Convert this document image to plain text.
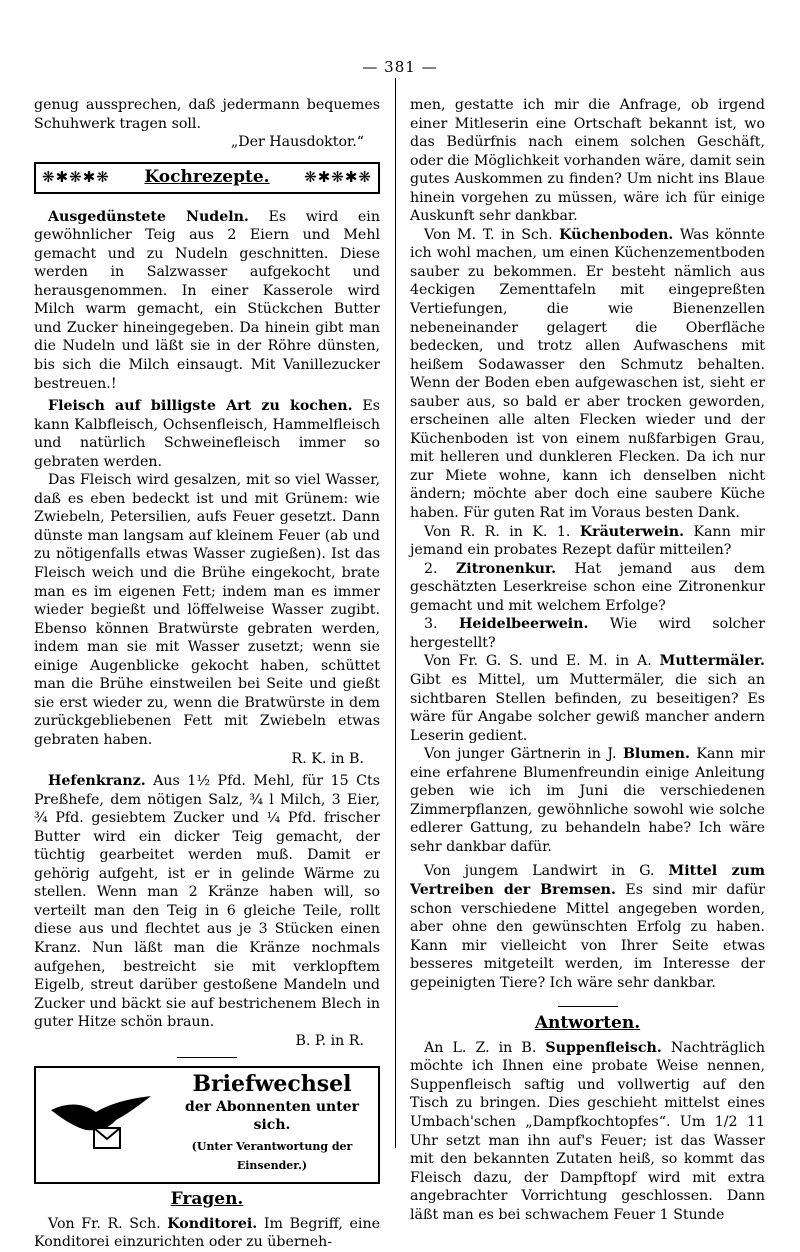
— 381 —

genug aussprechen, daß jedermann bequemes Schuhwerk tragen soll.

„Der Hausdoktor.“
❋✱❋✱❋ Kochrezepte. ❋✱❋✱❋

Ausgedünstete Nudeln. Es wird ein gewöhnlicher Teig aus 2 Eiern und Mehl gemacht und zu Nudeln geschnitten. Diese werden in Salzwasser aufgekocht und herausgenommen. In einer Kasserole wird Milch warm gemacht, ein Stückchen Butter und Zucker hineingegeben. Da hinein gibt man die Nudeln und läßt sie in der Röhre dünsten, bis sich die Milch einsaugt. Mit Vanillezucker bestreuen.!

Fleisch auf billigste Art zu kochen. Es kann Kalbfleisch, Ochsenfleisch, Hammelfleisch und natürlich Schweinefleisch immer so gebraten werden.

Das Fleisch wird gesalzen, mit so viel Wasser, daß es eben bedeckt ist und mit Grünem: wie Zwiebeln, Petersilien, aufs Feuer gesetzt. Dann dünste man langsam auf kleinem Feuer (ab und zu nötigenfalls etwas Wasser zugießen). Ist das Fleisch weich und die Brühe eingekocht, brate man es im eigenen Fett; indem man es immer wieder begießt und löffelweise Wasser zugibt. Ebenso können Bratwürste gebraten werden, indem man sie mit Wasser zusetzt; wenn sie einige Augenblicke gekocht haben, schüttet man die Brühe einstweilen bei Seite und gießt sie erst wieder zu, wenn die Bratwürste in dem zurückgebliebenen Fett mit Zwiebeln etwas gebraten haben.

R. K. in B.

Hefenkranz. Aus 1½ Pfd. Mehl, für 15 Cts Preßhefe, dem nötigen Salz, ¾ l Milch, 3 Eier, ¾ Pfd. gesiebtem Zucker und ¼ Pfd. frischer Butter wird ein dicker Teig gemacht, der tüchtig gearbeitet werden muß. Damit er gehörig aufgeht, ist er in gelinde Wärme zu stellen. Wenn man 2 Kränze haben will, so verteilt man den Teig in 6 gleiche Teile, rollt diese aus und flechtet aus je 3 Stücken einen Kranz. Nun läßt man die Kränze nochmals aufgehen, bestreicht sie mit verklopftem Eigelb, streut darüber gestoßene Mandeln und Zucker und bäckt sie auf bestrichenem Blech in guter Hitze schön braun.

B. P. in R.
Briefwechsel
der Abonnenten unter sich.
(Unter Verantwortung der Einsender.)
Fragen.

Von Fr. R. Sch. Konditorei. Im Begriff, eine Konditorei einzurichten oder zu überneh-

men, gestatte ich mir die Anfrage, ob irgend einer Mitleserin eine Ortschaft bekannt ist, wo das Bedürfnis nach einem solchen Geschäft, oder die Möglichkeit vorhanden wäre, damit sein gutes Auskommen zu finden? Um nicht ins Blaue hinein vorgehen zu müssen, wäre ich für einige Auskunft sehr dankbar.

Von M. T. in Sch. Küchenboden. Was könnte ich wohl machen, um einen Küchenzementboden sauber zu bekommen. Er besteht nämlich aus 4eckigen Zementtafeln mit eingepreßten Vertiefungen, die wie Bienenzellen nebeneinander gelagert die Oberfläche bedecken, und trotz allen Aufwaschens mit heißem Sodawasser den Schmutz behalten. Wenn der Boden eben aufgewaschen ist, sieht er sauber aus, so bald er aber trocken geworden, erscheinen alle alten Flecken wieder und der Küchenboden ist von einem nußfarbigen Grau, mit helleren und dunkleren Flecken. Da ich nur zur Miete wohne, kann ich denselben nicht ändern; möchte aber doch eine saubere Küche haben. Für guten Rat im Voraus besten Dank.

Von R. R. in K. 1. Kräuterwein. Kann mir jemand ein probates Rezept dafür mitteilen?

2. Zitronenkur. Hat jemand aus dem geschätzten Leserkreise schon eine Zitronenkur gemacht und mit welchem Erfolge?

3. Heidelbeerwein. Wie wird solcher hergestellt?

Von Fr. G. S. und E. M. in A. Muttermäler. Gibt es Mittel, um Muttermäler, die sich an sichtbaren Stellen befinden, zu beseitigen? Es wäre für Angabe solcher gewiß mancher andern Leserin gedient.

Von junger Gärtnerin in J. Blumen. Kann mir eine erfahrene Blumenfreundin einige Anleitung geben wie ich im Juni die verschiedenen Zimmerpflanzen, gewöhnliche sowohl wie solche edlerer Gattung, zu behandeln habe? Ich wäre sehr dankbar dafür.

Von jungem Landwirt in G. Mittel zum Vertreiben der Bremsen. Es sind mir dafür schon verschiedene Mittel angegeben worden, aber ohne den gewünschten Erfolg zu haben. Kann mir vielleicht von Ihrer Seite etwas besseres mitgeteilt werden, im Interesse der gepeinigten Tiere? Ich wäre sehr dankbar.

Antworten.

An L. Z. in B. Suppenfleisch. Nachträglich möchte ich Ihnen eine probate Weise nennen, Suppenfleisch saftig und vollwertig auf den Tisch zu bringen. Dies geschieht mittelst eines Umbach'schen „Dampfkochtopfes“. Um 1/2 11 Uhr setzt man ihn auf's Feuer; ist das Wasser mit den bekannten Zutaten heiß, so kommt das Fleisch dazu, der Dampftopf wird mit extra angebrachter Vorrichtung geschlossen. Dann läßt man es bei schwachem Feuer 1 Stunde
